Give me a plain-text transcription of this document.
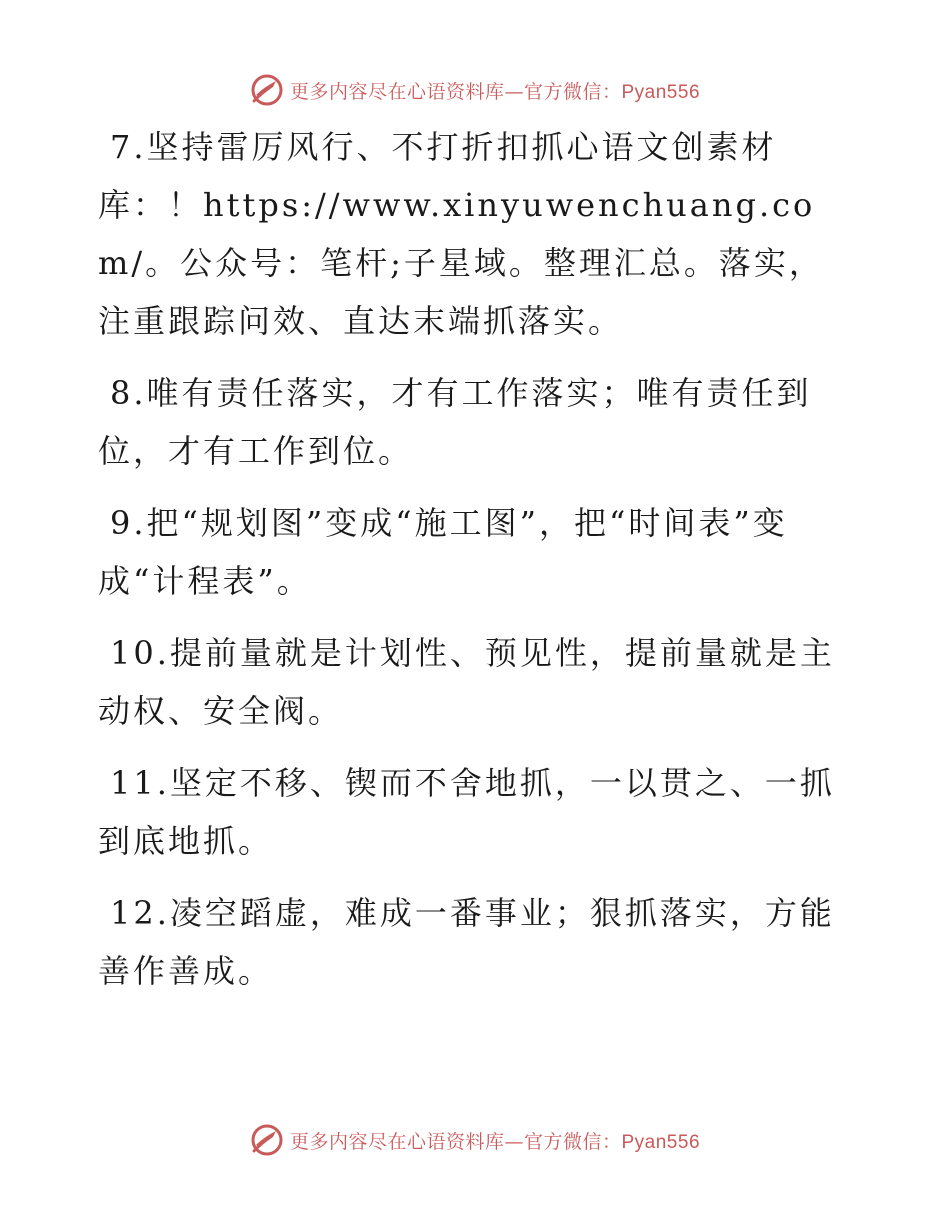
更多内容尽在心语资料库—官方微信：Pyan556

7.坚持雷厉风行、不打折扣抓心语文创素材库：！https://www.xinyuwenchuang.com/。公众号：笔杆;子星域。整理汇总。落实，注重跟踪问效、直达末端抓落实。

8.唯有责任落实，才有工作落实；唯有责任到位，才有工作到位。

9.把“规划图”变成“施工图”，把“时间表”变成“计程表”。

10.提前量就是计划性、预见性，提前量就是主动权、安全阀。

11.坚定不移、锲而不舍地抓，一以贯之、一抓到底地抓。

12.凌空蹈虚，难成一番事业；狠抓落实，方能善作善成。

更多内容尽在心语资料库—官方微信：Pyan556
